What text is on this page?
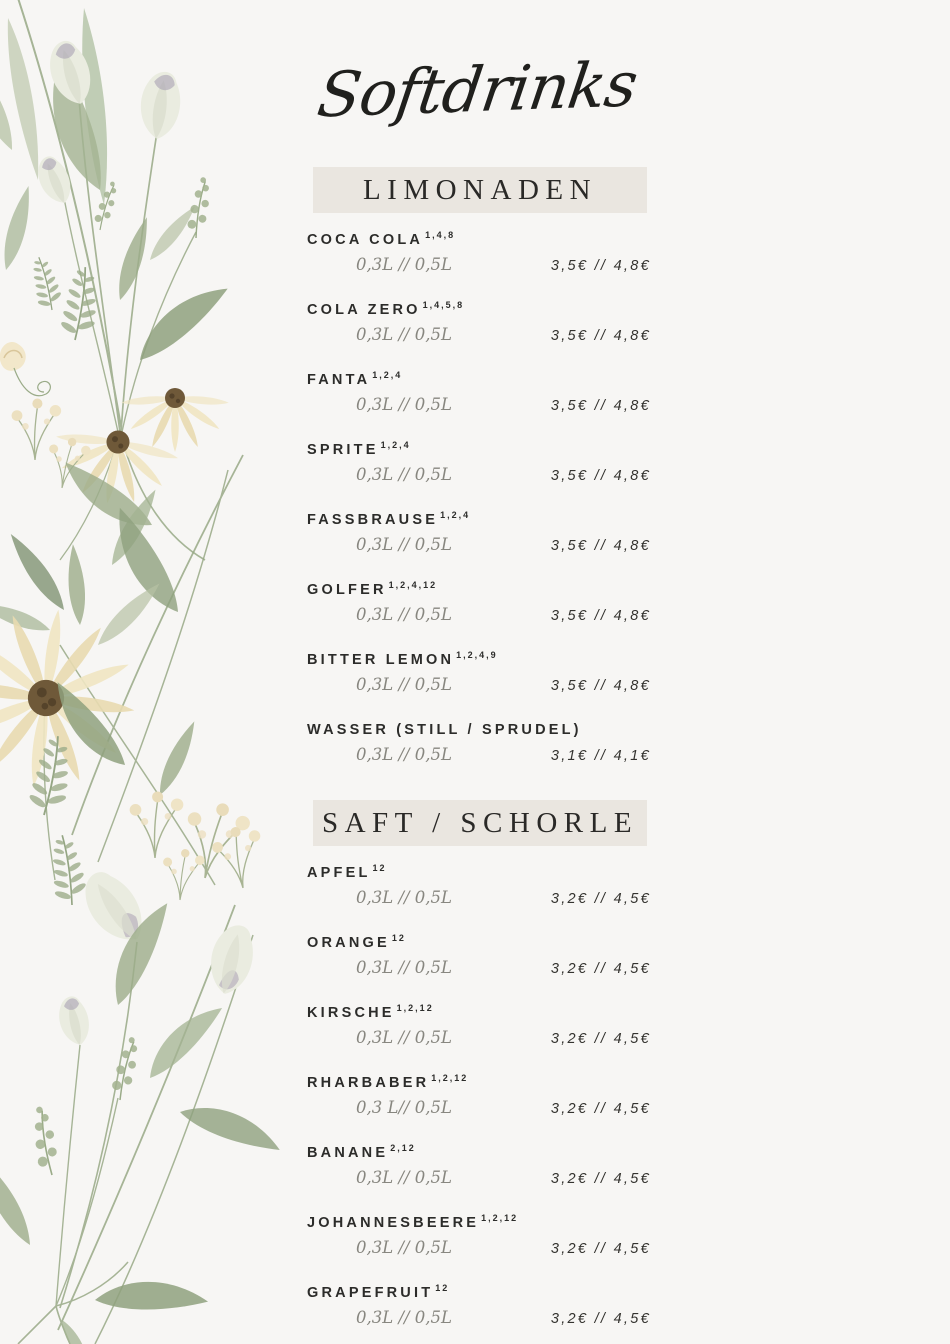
Softdrinks
LIMONADEN
COCA COLA $^{1,4,8}$
0,3L // 0,5L	3,5€ // 4,8€
COLA ZERO $^{1,4,5,8}$
0,3L // 0,5L	3,5€ // 4,8€
FANTA $^{1,2,4}$
0,3L // 0,5L	3,5€ // 4,8€
SPRITE $^{1,2,4}$
0,3L // 0,5L	3,5€ // 4,8€
FASSBRAUSE $^{1,2,4}$
0,3L // 0,5L	3,5€ // 4,8€
GOLFER $^{1,2,4,12}$
0,3L // 0,5L	3,5€ // 4,8€
BITTER LEMON $^{1,2,4,9}$
0,3L // 0,5L	3,5€ // 4,8€
WASSER (STILL / SPRUDEL)
0,3L // 0,5L	3,1€ // 4,1€
SAFT / SCHORLE
APFEL $^{12}$
0,3L // 0,5L	3,2€ // 4,5€
ORANGE $^{12}$
0,3L // 0,5L	3,2€ // 4,5€
KIRSCHE $^{1,2,12}$
0,3L // 0,5L	3,2€ // 4,5€
RHARBABER $^{1,2,12}$
0,3 L// 0,5L	3,2€ // 4,5€
BANANE $^{2,12}$
0,3L // 0,5L	3,2€ // 4,5€
JOHANNESBEERE $^{1,2,12}$
0,3L // 0,5L	3,2€ // 4,5€
GRAPEFRUIT $^{12}$
0,3L // 0,5L	3,2€ // 4,5€
